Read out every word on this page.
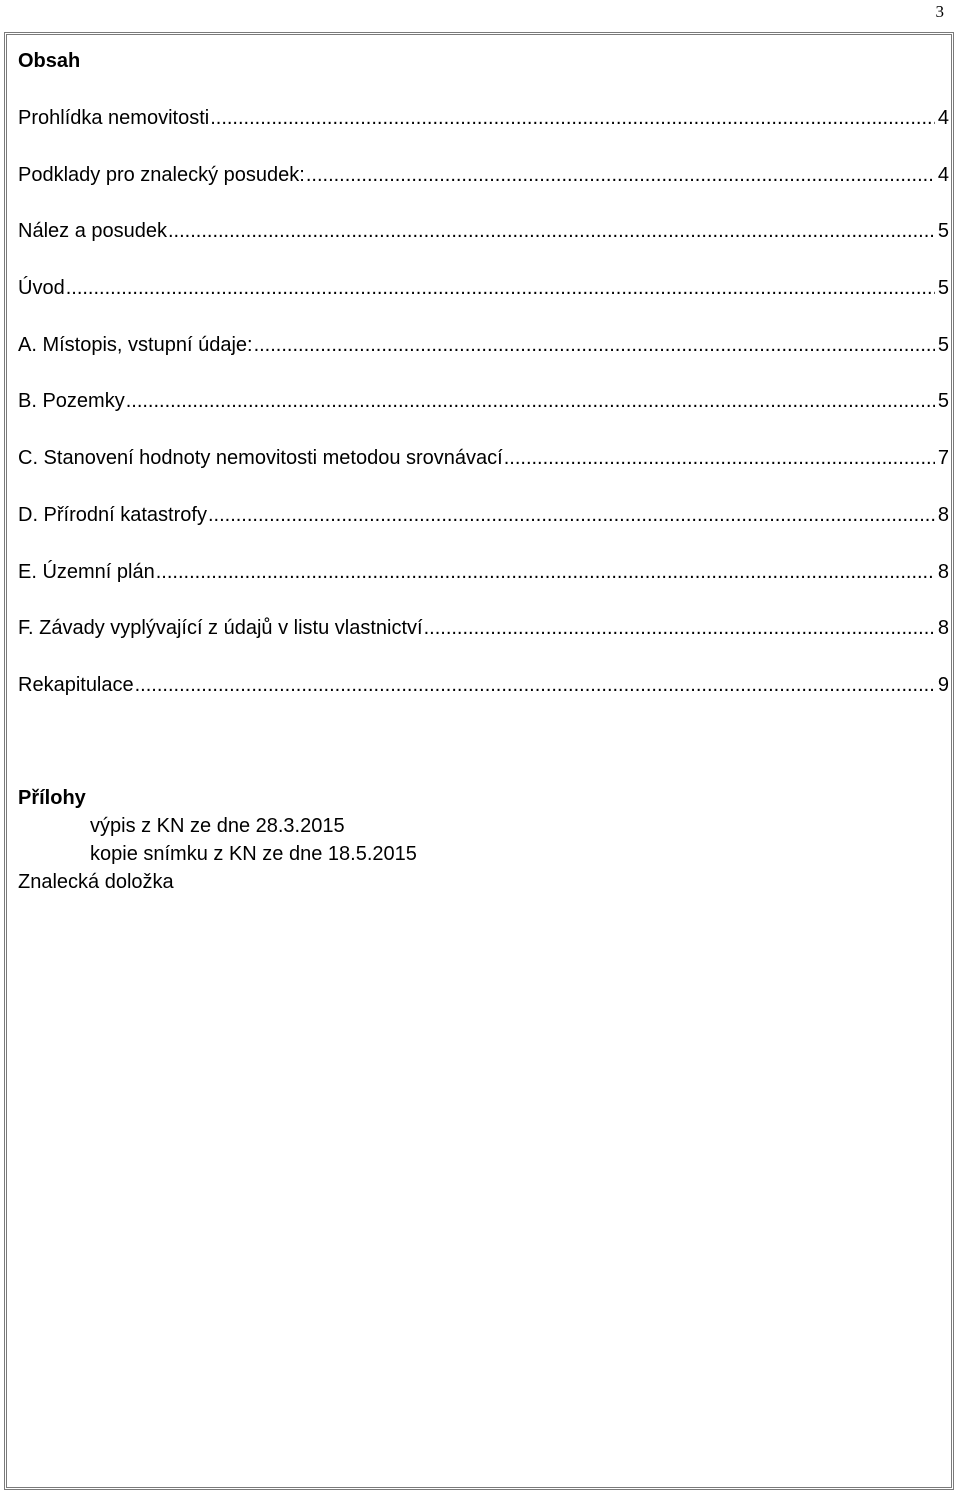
3
Obsah
Prohlídka nemovitosti .....	4
Podklady pro znalecký posudek: .....	4
Nález a posudek .....	5
Úvod .....	5
A. Místopis, vstupní údaje: .....	5
B. Pozemky .....	5
C. Stanovení hodnoty nemovitosti metodou srovnávací .....	7
D. Přírodní katastrofy .....	8
E. Územní plán .....	8
F. Závady vyplývající z údajů v listu vlastnictví .....	8
Rekapitulace .....	9
Přílohy
výpis z KN ze dne 28.3.2015
kopie snímku z KN ze dne 18.5.2015
Znalecká doložka
